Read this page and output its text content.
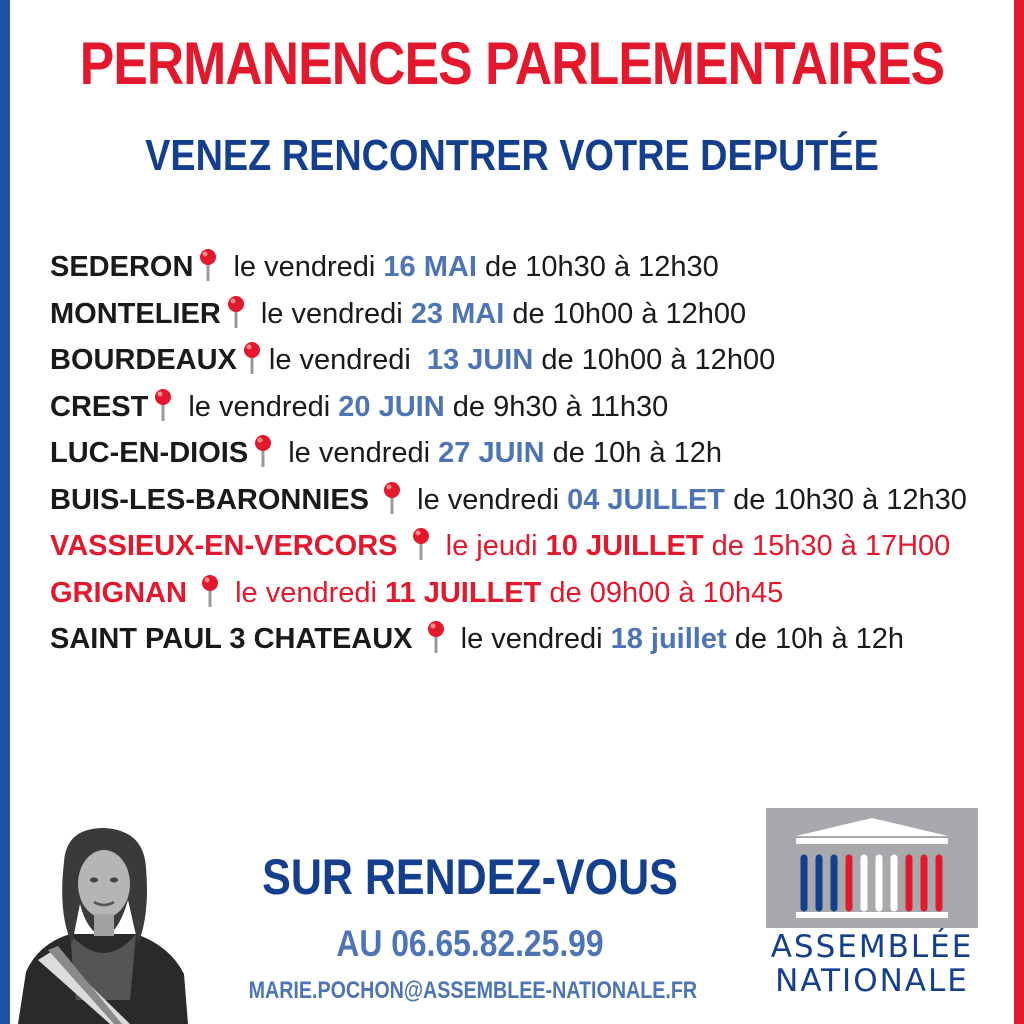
PERMANENCES PARLEMENTAIRES
VENEZ RENCONTRER VOTRE DEPUTÉE
SEDERON le vendredi 16 MAI de 10h30 à 12h30
MONTELIER le vendredi 23 MAI de 10h00 à 12h00
BOURDEAUX le vendredi  13 JUIN de 10h00 à 12h00
CREST le vendredi 20 JUIN de 9h30 à 11h30
LUC-EN-DIOIS le vendredi 27 JUIN de 10h à 12h
BUIS-LES-BARONNIES le vendredi 04 JUILLET de 10h30 à 12h30
VASSIEUX-EN-VERCORS le jeudi 10 JUILLET de 15h30 à 17H00
GRIGNAN le vendredi 11 JUILLET de 09h00 à 10h45
SAINT PAUL 3 CHATEAUX le vendredi 18 juillet de 10h à 12h
SUR RENDEZ-VOUS
AU 06.65.82.25.99
MARIE.POCHON@ASSEMBLEE-NATIONALE.FR
ASSEMBLÉE
NATIONALE
